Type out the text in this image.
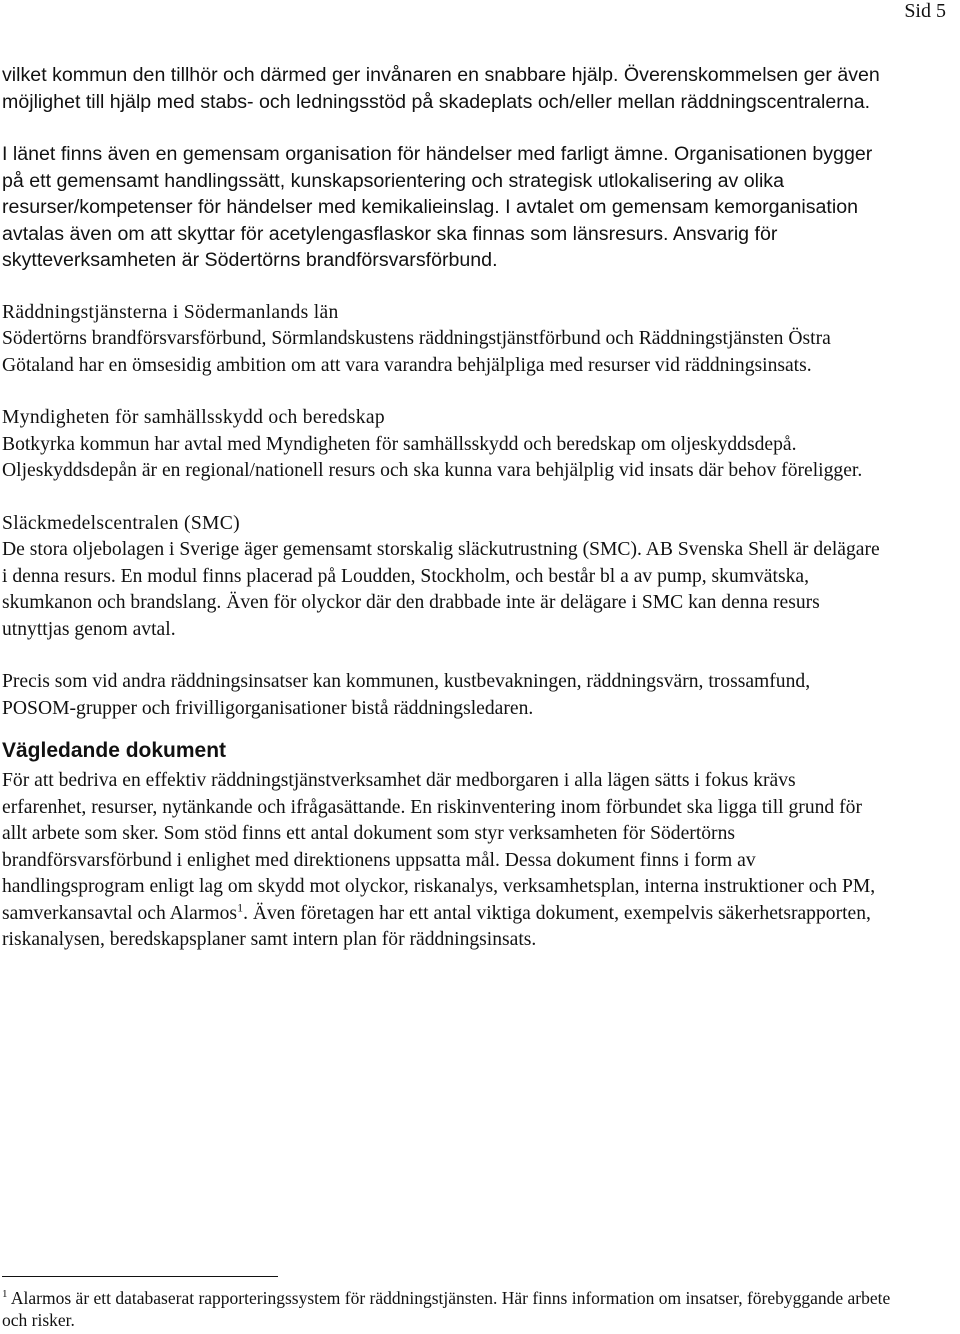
Sid 5

vilket kommun den tillhör och därmed ger invånaren en snabbare hjälp. Överenskommelsen ger även möjlighet till hjälp med stabs- och ledningsstöd på skadeplats och/eller mellan räddningscentralerna.

I länet finns även en gemensam organisation för händelser med farligt ämne. Organisationen bygger på ett gemensamt handlingssätt, kunskapsorientering och strategisk utlokalisering av olika resurser/kompetenser för händelser med kemikalieinslag. I avtalet om gemensam kemorganisation avtalas även om att skyttar för acetylengasflaskor ska finnas som länsresurs. Ansvarig för skytteverksamheten är Södertörns brandförsvarsförbund.

Räddningstjänsterna i Södermanlands län

Södertörns brandförsvarsförbund, Sörmlandskustens räddningstjänstförbund och Räddningstjänsten Östra Götaland har en ömsesidig ambition om att vara varandra behjälpliga med resurser vid räddningsinsats.

Myndigheten för samhällsskydd och beredskap

Botkyrka kommun har avtal med Myndigheten för samhällsskydd och beredskap om oljeskyddsdepå. Oljeskyddsdepån är en regional/nationell resurs och ska kunna vara behjälplig vid insats där behov föreligger.

Släckmedelscentralen (SMC)

De stora oljebolagen i Sverige äger gemensamt storskalig släckutrustning (SMC). AB Svenska Shell är delägare i denna resurs. En modul finns placerad på Loudden, Stockholm, och består bl a av pump, skumvätska, skumkanon och brandslang. Även för olyckor där den drabbade inte är delägare i SMC kan denna resurs utnyttjas genom avtal.

Precis som vid andra räddningsinsatser kan kommunen, kustbevakningen, räddningsvärn, trossamfund, POSOM-grupper och frivilligorganisationer bistå räddningsledaren.

Vägledande dokument

För att bedriva en effektiv räddningstjänstverksamhet där medborgaren i alla lägen sätts i fokus krävs erfarenhet, resurser, nytänkande och ifrågasättande. En riskinventering inom förbundet ska ligga till grund för allt arbete som sker. Som stöd finns ett antal dokument som styr verksamheten för Södertörns brandförsvarsförbund i enlighet med direktionens uppsatta mål. Dessa dokument finns i form av handlingsprogram enligt lag om skydd mot olyckor, riskanalys, verksamhetsplan, interna instruktioner och PM, samverkansavtal och Alarmos$^1$. Även företagen har ett antal viktiga dokument, exempelvis säkerhetsrapporten, riskanalysen, beredskapsplaner samt intern plan för räddningsinsats.

$^1$ Alarmos är ett databaserat rapporteringssystem för räddningstjänsten. Här finns information om insatser, förebyggande arbete och risker.
